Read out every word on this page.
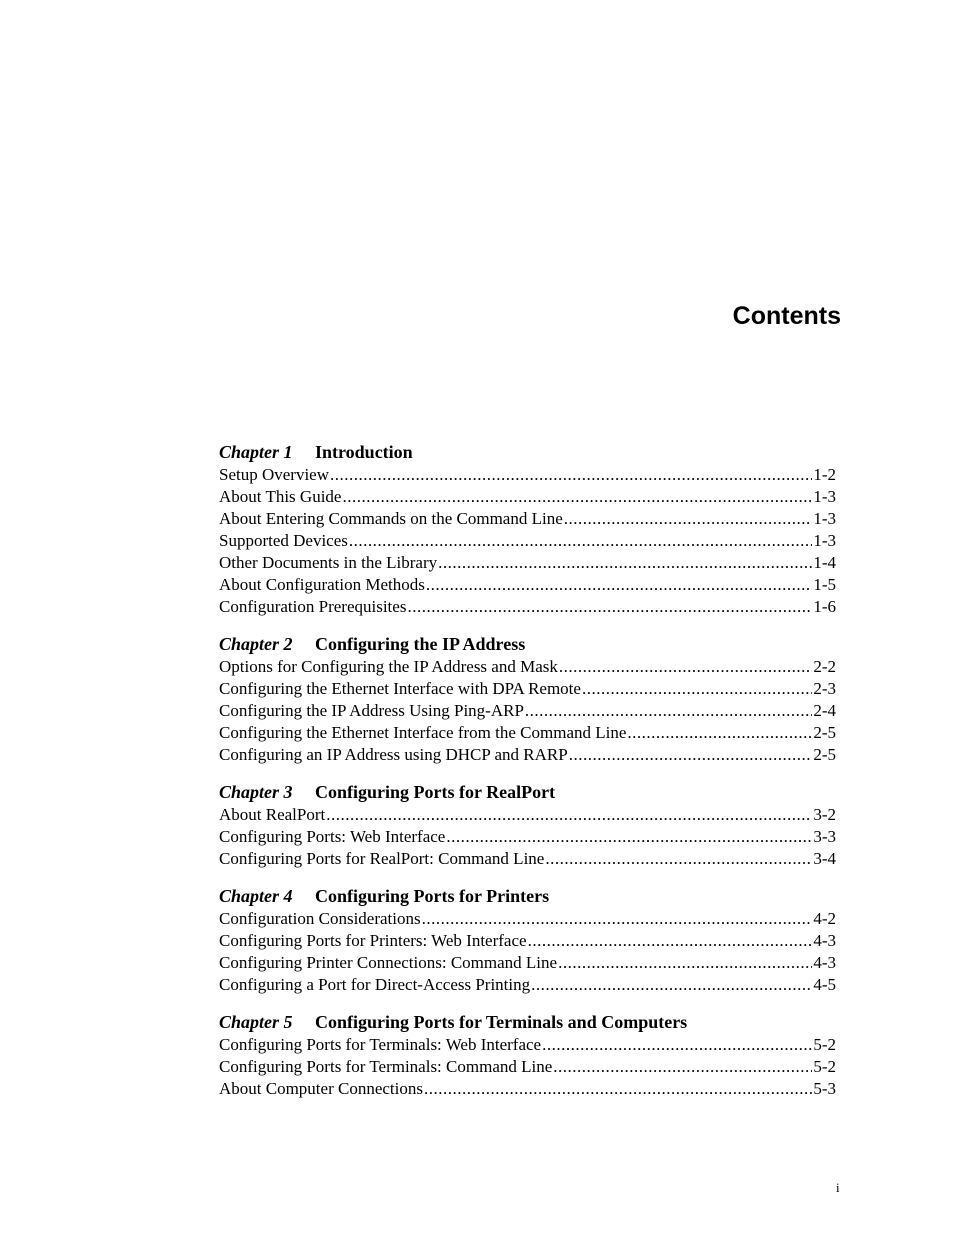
Contents
Chapter 1 Introduction
Setup Overview .....	1-2
About This Guide .....	1-3
About Entering Commands on the Command Line .....	1-3
Supported Devices .....	1-3
Other Documents in the Library .....	1-4
About Configuration Methods .....	1-5
Configuration Prerequisites .....	1-6
Chapter 2 Configuring the IP Address
Options for Configuring the IP Address and Mask .....	2-2
Configuring the Ethernet Interface with DPA Remote .....	2-3
Configuring the IP Address Using Ping-ARP .....	2-4
Configuring the Ethernet Interface from the Command Line .....	2-5
Configuring an IP Address using DHCP and RARP .....	2-5
Chapter 3 Configuring Ports for RealPort
About RealPort .....	3-2
Configuring Ports: Web Interface .....	3-3
Configuring Ports for RealPort: Command Line .....	3-4
Chapter 4 Configuring Ports for Printers
Configuration Considerations .....	4-2
Configuring Ports for Printers: Web Interface .....	4-3
Configuring Printer Connections: Command Line .....	4-3
Configuring a Port for Direct-Access Printing .....	4-5
Chapter 5 Configuring Ports for Terminals and Computers
Configuring Ports for Terminals: Web Interface .....	5-2
Configuring Ports for Terminals: Command Line .....	5-2
About Computer Connections .....	5-3
i
